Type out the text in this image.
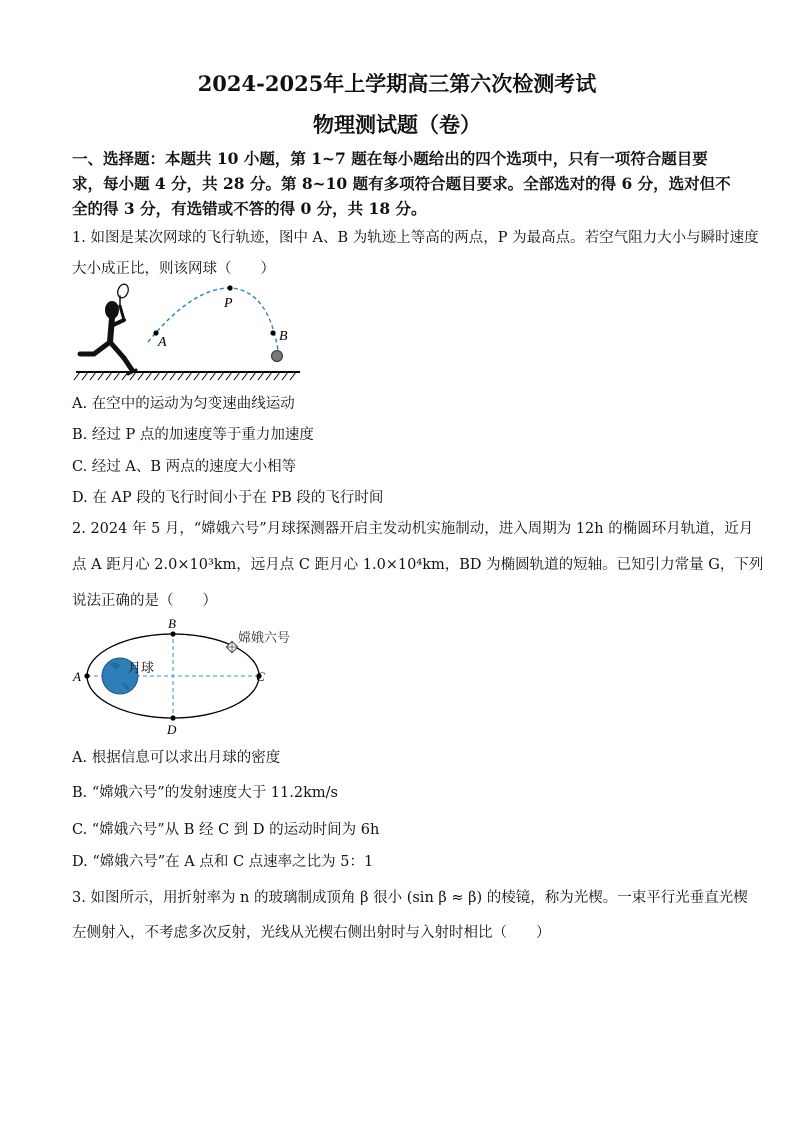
2024-2025年上学期高三第六次检测考试
物理测试题（卷）
一、选择题：本题共 10 小题，第 1~7 题在每小题给出的四个选项中，只有一项符合题目要
求，每小题 4 分，共 28 分。第 8~10 题有多项符合题目要求。全部选对的得 6 分，选对但不
全的得 3 分，有选错或不答的得 0 分，共 18 分。
1. 如图是某次网球的飞行轨迹，图中 A、B 为轨迹上等高的两点，P 为最高点。若空气阻力大小与瞬时速度
大小成正比，则该网球（　　）
A
P
B
A. 在空中的运动为匀变速曲线运动
B. 经过 P 点的加速度等于重力加速度
C. 经过 A、B 两点的速度大小相等
D. 在 AP 段的飞行时间小于在 PB 段的飞行时间
2. 2024 年 5 月，“嫦娥六号”月球探测器开启主发动机实施制动，进入周期为 12h 的椭圆环月轨道，近月
点 A 距月心 2.0×10³km，远月点 C 距月心 1.0×10⁴km，BD 为椭圆轨道的短轴。已知引力常量 G，下列
说法正确的是（　　）
月球
嫦娥六号
A
B
C
D
A. 根据信息可以求出月球的密度
B. “嫦娥六号”的发射速度大于 11.2km/s
C. “嫦娥六号”从 B 经 C 到 D 的运动时间为 6h
D. “嫦娥六号”在 A 点和 C 点速率之比为 5：1
3. 如图所示，用折射率为 n 的玻璃制成顶角 β 很小 (sin β ≈ β) 的棱镜，称为光楔。一束平行光垂直光楔
左侧射入，不考虑多次反射，光线从光楔右侧出射时与入射时相比（　　）
